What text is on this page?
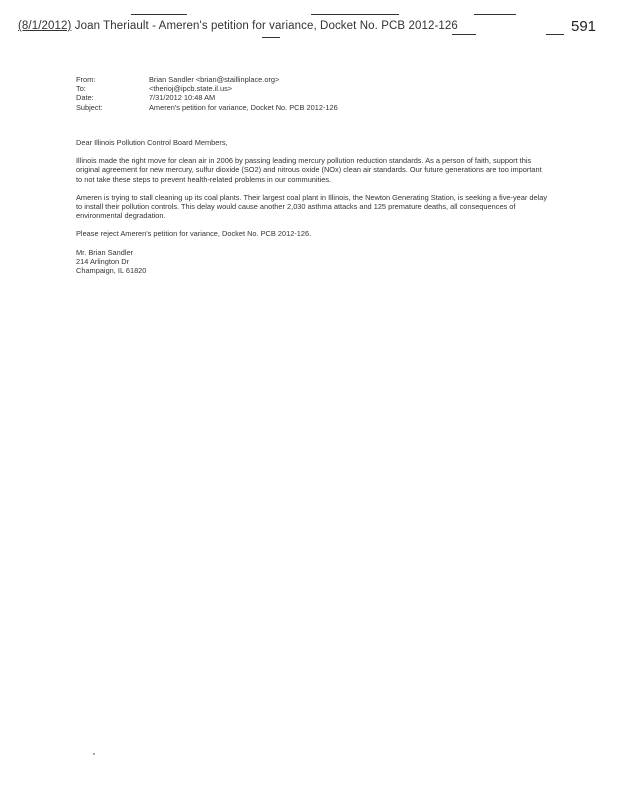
(8/1/2012) Joan Theriault - Ameren's petition for variance, Docket No. PCB 2012-126	591
From:	Brian Sandler <brian@staillinplace.org>
To:	<therioj@ipcb.state.il.us>
Date:	7/31/2012 10:48 AM
Subject:	Ameren's petition for variance, Docket No. PCB 2012-126

Dear Illinois Pollution Control Board Members,

Illinois made the right move for clean air in 2006 by passing leading mercury pollution reduction standards. As a person of faith, support this original agreement for new mercury, sulfur dioxide (SO2) and nitrous oxide (NOx) clean air standards. Our future generations are too important to not take these steps to prevent health-related problems in our communities.

Ameren is trying to stall cleaning up its coal plants. Their largest coal plant in Illinois, the Newton Generating Station, is seeking a five-year delay to install their pollution controls. This delay would cause another 2,030 asthma attacks and 125 premature deaths, all consequences of environmental degradation.

Please reject Ameren's petition for variance, Docket No. PCB 2012-126.

Mr. Brian Sandler
214 Arlington Dr
Champaign, IL 61820
